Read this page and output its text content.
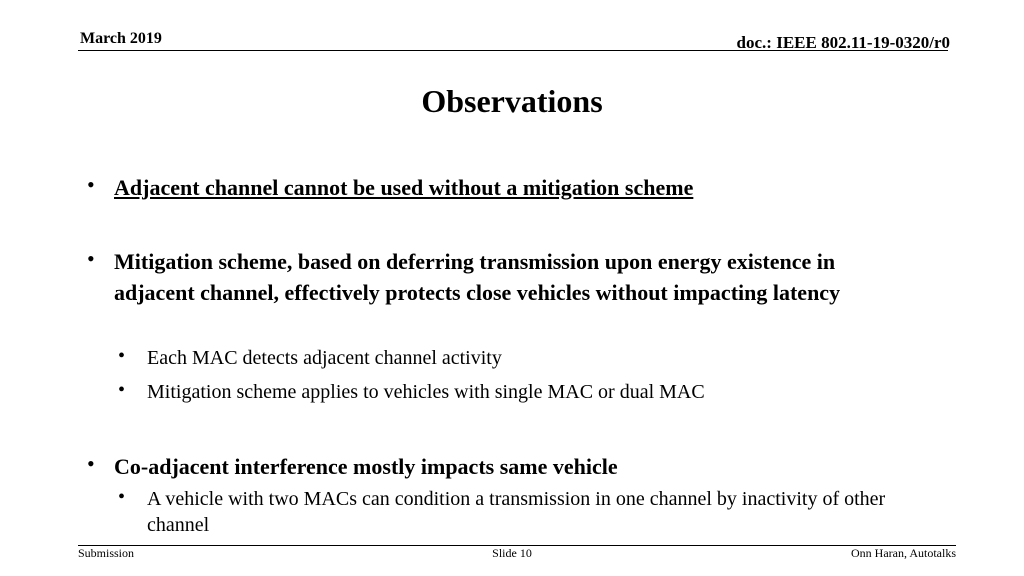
March 2019	doc.: IEEE 802.11-19-0320/r0
Observations
• Adjacent channel cannot be used without a mitigation scheme
• Mitigation scheme, based on deferring transmission upon energy existence in adjacent channel, effectively protects close vehicles without impacting latency
• Each MAC detects adjacent channel activity
• Mitigation scheme applies to vehicles with single MAC or dual MAC
• Co-adjacent interference mostly impacts same vehicle
• A vehicle with two MACs can condition a transmission in one channel by inactivity of other channel
Submission	Slide 10	Onn Haran, Autotalks
